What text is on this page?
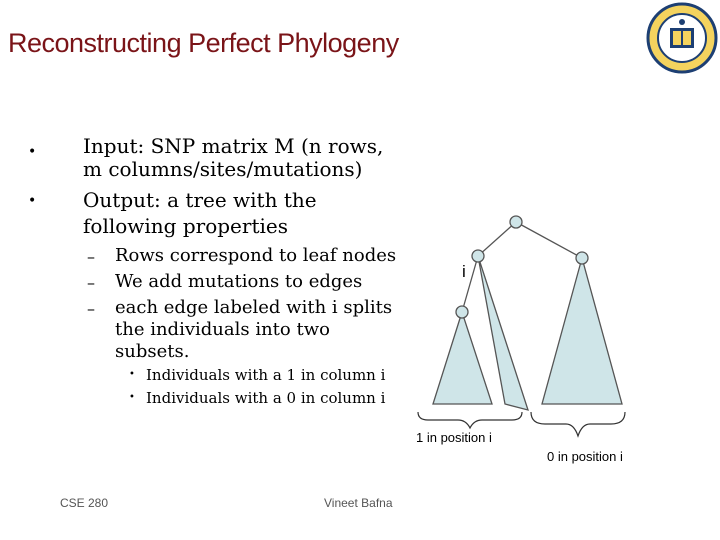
Reconstructing Perfect Phylogeny
• Input: SNP matrix M (n rows,
m columns/sites/mutations)
• Output: a tree with the
following properties
– Rows correspond to leaf nodes
– We add mutations to edges
– each edge labeled with i splits
the individuals into two
subsets.
• Individuals with a 1 in column i
• Individuals with a 0 in column i
i
1 in position i
0 in position i
CSE 280	Vineet Bafna
